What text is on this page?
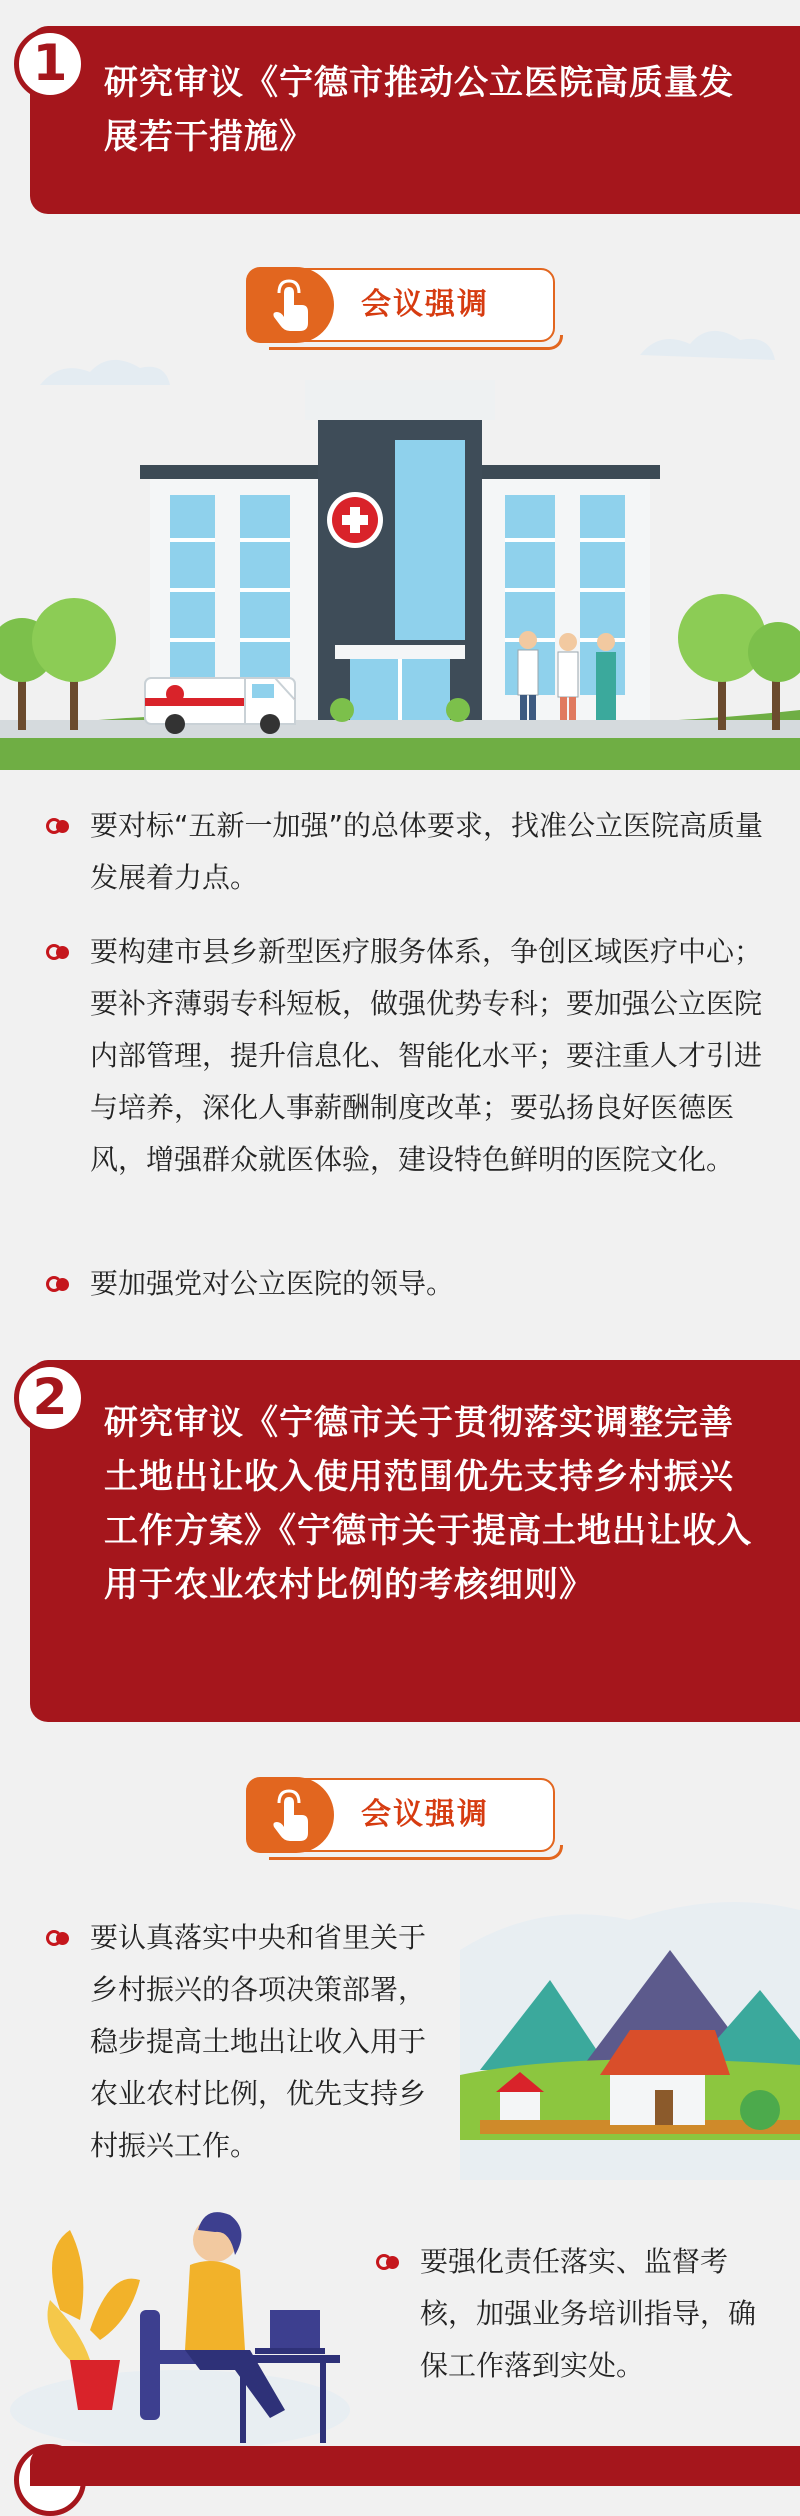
1	研究审议《宁德市推动公立医院高质量发展若干措施》
会议强调
要对标“五新一加强”的总体要求，找准公立医院高质量发展着力点。
要构建市县乡新型医疗服务体系，争创区域医疗中心；要补齐薄弱专科短板，做强优势专科；要加强公立医院内部管理，提升信息化、智能化水平；要注重人才引进与培养，深化人事薪酬制度改革；要弘扬良好医德医风，增强群众就医体验，建设特色鲜明的医院文化。
要加强党对公立医院的领导。
2	研究审议《宁德市关于贯彻落实调整完善土地出让收入使用范围优先支持乡村振兴工作方案》《宁德市关于提高土地出让收入用于农业农村比例的考核细则》
会议强调
要认真落实中央和省里关于乡村振兴的各项决策部署，稳步提高土地出让收入用于农业农村比例，优先支持乡村振兴工作。
要强化责任落实、监督考核，加强业务培训指导，确保工作落到实处。
